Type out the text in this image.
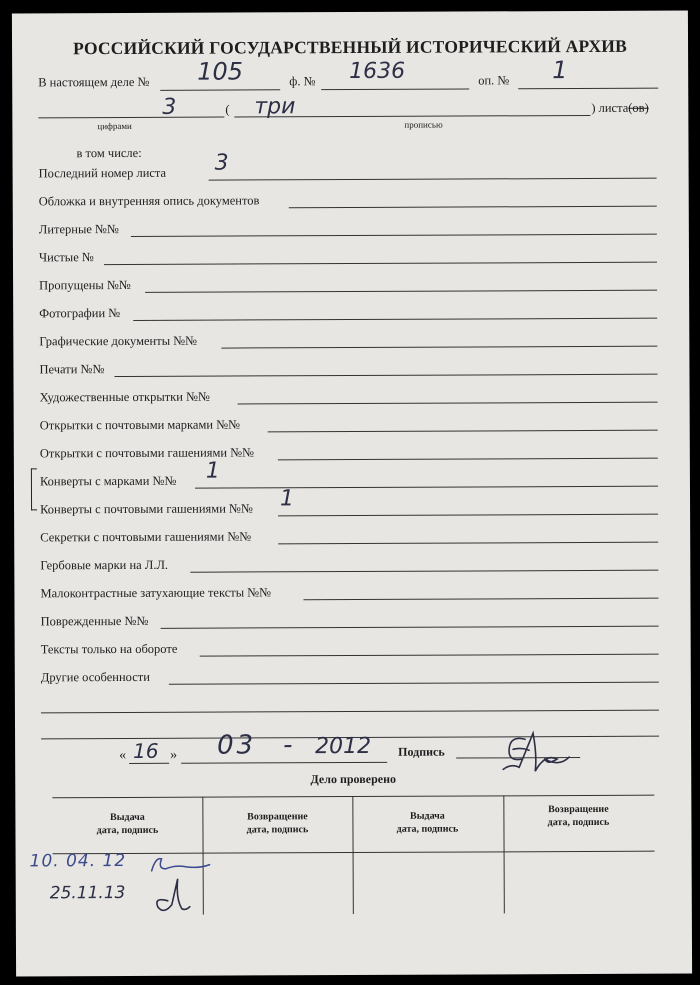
РОССИЙСКИЙ ГОСУДАРСТВЕННЫЙ ИСТОРИЧЕСКИЙ АРХИВ
В настоящем деле № 105	ф. № 1636	оп. № 1
3	( три	) листа(ов)
цифрами	прописью
в том числе:
Последний номер листа 3
Обложка и внутренняя опись документов
Литерные №№
Чистые №
Пропущены №№
Фотографии №
Графические документы №№
Печати №№
Художественные открытки №№
Открытки с почтовыми марками №№
Открытки с почтовыми гашениями №№
Конверты с марками №№ 1
Конверты с почтовыми гашениями №№ 1
Секретки с почтовыми гашениями №№
Гербовые марки на Л.Л.
Малоконтрастные затухающие тексты №№
Поврежденные №№
Тексты только на обороте
Другие особенности
« 16 » 03 - 2012 Подпись
Дело проверено
Выдача
дата, подпись
Возвращение
дата, подпись
Выдача
дата, подпись
Возвращение
дата, подпись
10. 04. 12
25.11.13
